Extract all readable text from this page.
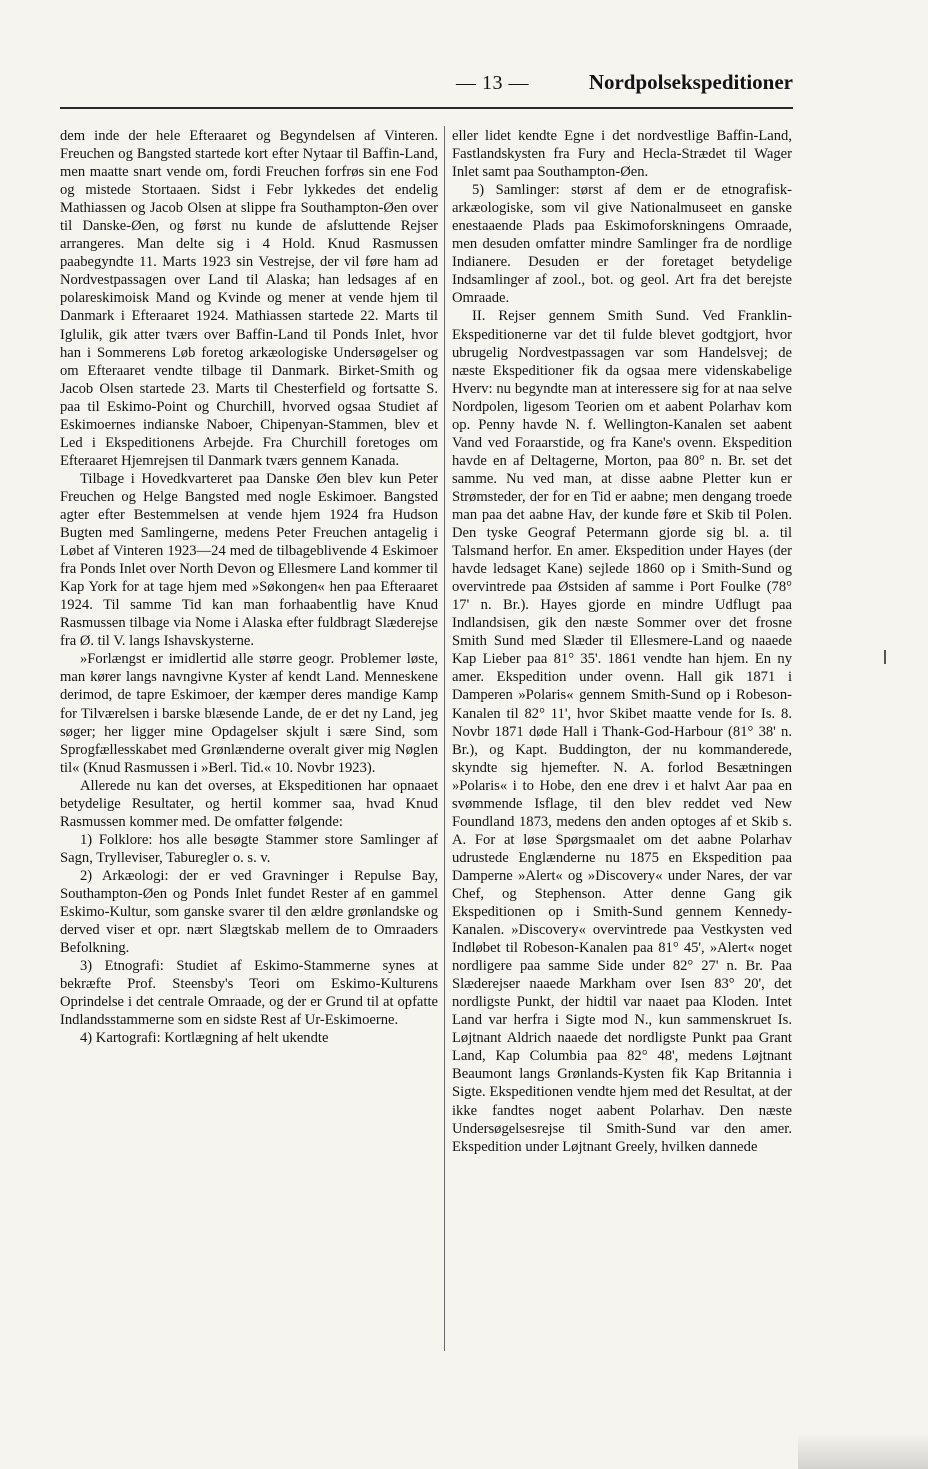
— 13 —	Nordpolsekspeditioner

dem inde der hele Efteraaret og Begyndelsen af Vinteren. Freuchen og Bangsted startede kort efter Nytaar til Baffin-Land, men maatte snart vende om, fordi Freuchen forfrøs sin ene Fod og mistede Stortaaen. Sidst i Febr lykkedes det endelig Mathiassen og Jacob Olsen at slippe fra Southampton-Øen over til Danske-Øen, og først nu kunde de afsluttende Rejser arrangeres. Man delte sig i 4 Hold. Knud Rasmussen paabegyndte 11. Marts 1923 sin Vestrejse, der vil føre ham ad Nordvestpassagen over Land til Alaska; han ledsages af en polareskimoisk Mand og Kvinde og mener at vende hjem til Danmark i Efteraaret 1924. Mathiassen startede 22. Marts til Iglulik, gik atter tværs over Baffin-Land til Ponds Inlet, hvor han i Sommerens Løb foretog arkæologiske Undersøgelser og om Efteraaret vendte tilbage til Danmark. Birket-Smith og Jacob Olsen startede 23. Marts til Chesterfield og fortsatte S. paa til Eskimo-Point og Churchill, hvorved ogsaa Studiet af Eskimoernes indianske Naboer, Chipenyan-Stammen, blev et Led i Ekspeditionens Arbejde. Fra Churchill foretoges om Efteraaret Hjemrejsen til Danmark tværs gennem Kanada.

Tilbage i Hovedkvarteret paa Danske Øen blev kun Peter Freuchen og Helge Bangsted med nogle Eskimoer. Bangsted agter efter Bestemmelsen at vende hjem 1924 fra Hudson Bugten med Samlingerne, medens Peter Freuchen antagelig i Løbet af Vinteren 1923—24 med de tilbageblivende 4 Eskimoer fra Ponds Inlet over North Devon og Ellesmere Land kommer til Kap York for at tage hjem med »Søkongen« hen paa Efteraaret 1924. Til samme Tid kan man forhaabentlig have Knud Rasmussen tilbage via Nome i Alaska efter fuldbragt Slæderejse fra Ø. til V. langs Ishavskysterne.

»Forlængst er imidlertid alle større geogr. Problemer løste, man kører langs navngivne Kyster af kendt Land. Menneskene derimod, de tapre Eskimoer, der kæmper deres mandige Kamp for Tilværelsen i barske blæsende Lande, de er det ny Land, jeg søger; her ligger mine Opdagelser skjult i sære Sind, som Sprogfællesskabet med Grønlænderne overalt giver mig Nøglen til« (Knud Rasmussen i »Berl. Tid.« 10. Novbr 1923).

Allerede nu kan det overses, at Ekspeditionen har opnaaet betydelige Resultater, og hertil kommer saa, hvad Knud Rasmussen kommer med. De omfatter følgende:

1) Folklore: hos alle besøgte Stammer store Samlinger af Sagn, Trylleviser, Taburegler o. s. v.

2) Arkæologi: der er ved Gravninger i Repulse Bay, Southampton-Øen og Ponds Inlet fundet Rester af en gammel Eskimo-Kultur, som ganske svarer til den ældre grønlandske og derved viser et opr. nært Slægtskab mellem de to Omraaders Befolkning.

3) Etnografi: Studiet af Eskimo-Stammerne synes at bekræfte Prof. Steensby's Teori om Eskimo-Kulturens Oprindelse i det centrale Omraade, og der er Grund til at opfatte Indlandsstammerne som en sidste Rest af Ur-Eskimoerne.

4) Kartografi: Kortlægning af helt ukendte

eller lidet kendte Egne i det nordvestlige Baffin-Land, Fastlandskysten fra Fury and Hecla-Strædet til Wager Inlet samt paa Southampton-Øen.

5) Samlinger: størst af dem er de etnografisk-arkæologiske, som vil give Nationalmuseet en ganske enestaaende Plads paa Eskimoforskningens Omraade, men desuden omfatter mindre Samlinger fra de nordlige Indianere. Desuden er der foretaget betydelige Indsamlinger af zool., bot. og geol. Art fra det berejste Omraade.

II. Rejser gennem Smith Sund. Ved Franklin-Ekspeditionerne var det til fulde blevet godtgjort, hvor ubrugelig Nordvestpassagen var som Handelsvej; de næste Ekspeditioner fik da ogsaa mere videnskabelige Hverv: nu begyndte man at interessere sig for at naa selve Nordpolen, ligesom Teorien om et aabent Polarhav kom op. Penny havde N. f. Wellington-Kanalen set aabent Vand ved Foraarstide, og fra Kane's ovenn. Ekspedition havde en af Deltagerne, Morton, paa 80° n. Br. set det samme. Nu ved man, at disse aabne Pletter kun er Strømsteder, der for en Tid er aabne; men dengang troede man paa det aabne Hav, der kunde føre et Skib til Polen. Den tyske Geograf Petermann gjorde sig bl. a. til Talsmand herfor. En amer. Ekspedition under Hayes (der havde ledsaget Kane) sejlede 1860 op i Smith-Sund og overvintrede paa Østsiden af samme i Port Foulke (78° 17' n. Br.). Hayes gjorde en mindre Udflugt paa Indlandsisen, gik den næste Sommer over det frosne Smith Sund med Slæder til Ellesmere-Land og naaede Kap Lieber paa 81° 35'. 1861 vendte han hjem. En ny amer. Ekspedition under ovenn. Hall gik 1871 i Damperen »Polaris« gennem Smith-Sund op i Robeson-Kanalen til 82° 11', hvor Skibet maatte vende for Is. 8. Novbr 1871 døde Hall i Thank-God-Harbour (81° 38' n. Br.), og Kapt. Buddington, der nu kommanderede, skyndte sig hjemefter. N. A. forlod Besætningen »Polaris« i to Hobe, den ene drev i et halvt Aar paa en svømmende Isflage, til den blev reddet ved New Foundland 1873, medens den anden optoges af et Skib s. A. For at løse Spørgsmaalet om det aabne Polarhav udrustede Englænderne nu 1875 en Ekspedition paa Damperne »Alert« og »Discovery« under Nares, der var Chef, og Stephenson. Atter denne Gang gik Ekspeditionen op i Smith-Sund gennem Kennedy-Kanalen. »Discovery« overvintrede paa Vestkysten ved Indløbet til Robeson-Kanalen paa 81° 45', »Alert« noget nordligere paa samme Side under 82° 27' n. Br. Paa Slæderejser naaede Markham over Isen 83° 20', det nordligste Punkt, der hidtil var naaet paa Kloden. Intet Land var herfra i Sigte mod N., kun sammenskruet Is. Løjtnant Aldrich naaede det nordligste Punkt paa Grant Land, Kap Columbia paa 82° 48', medens Løjtnant Beaumont langs Grønlands-Kysten fik Kap Britannia i Sigte. Ekspeditionen vendte hjem med det Resultat, at der ikke fandtes noget aabent Polarhav. Den næste Undersøgelsesrejse til Smith-Sund var den amer. Ekspedition under Løjtnant Greely, hvilken dannede
